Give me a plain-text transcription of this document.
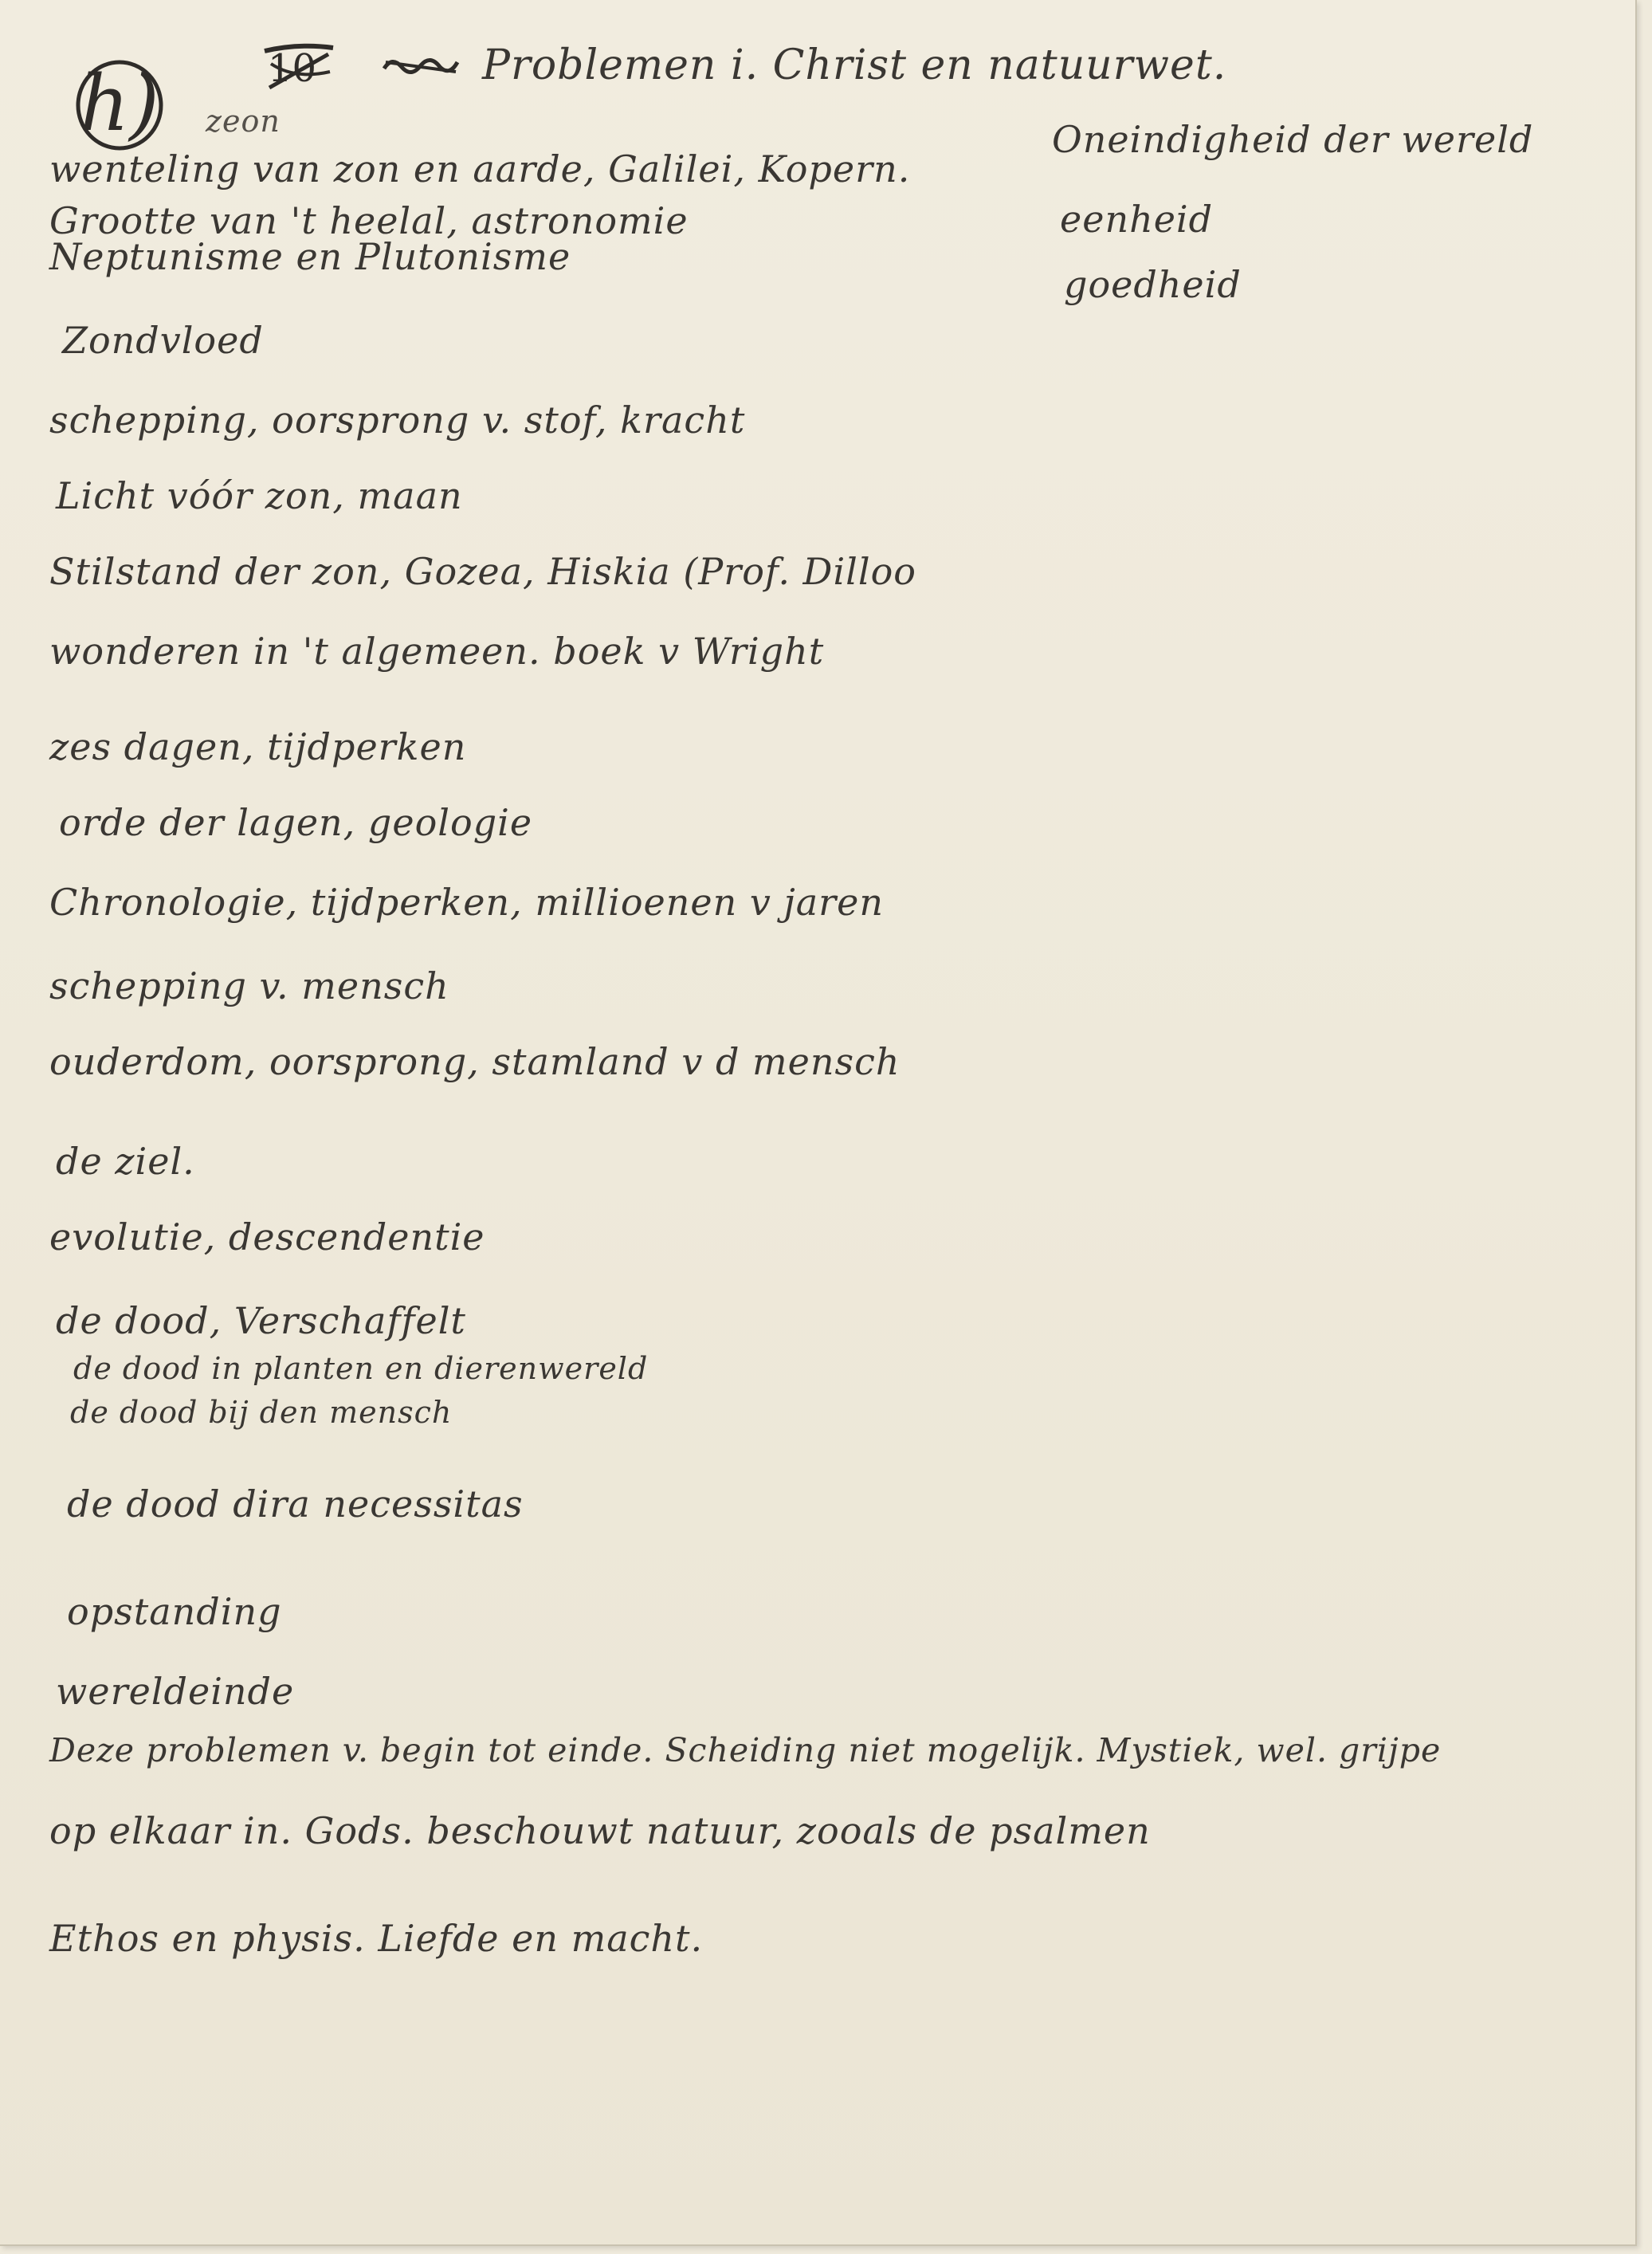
h)	10	Problemen i. Christ en natuurwet.
zeon	Oneindigheid der wereld
eenheid
goedheid
wenteling van zon en aarde, Galilei, Kopern.
Grootte van 't heelal, astronomie
Neptunisme en Plutonisme
Zondvloed
schepping, oorsprong v. stof, kracht
Licht vóór zon, maan
Stilstand der zon, Gozea, Hiskia (Prof. Dilloo
wonderen in 't algemeen. boek v Wright
zes dagen, tijdperken
orde der lagen, geologie
Chronologie, tijdperken, millioenen v jaren
schepping v. mensch
ouderdom, oorsprong, stamland v d mensch
de ziel.
evolutie, descendentie
de dood, Verschaffelt
de dood in planten en dierenwereld
de dood bij den mensch
de dood dira necessitas
opstanding
wereldeinde
Deze problemen v. begin tot einde. Scheiding niet mogelijk. Mystiek, wel. grijpe
op elkaar in. Gods. beschouwt natuur, zooals de psalmen
Ethos en physis. Liefde en macht.
